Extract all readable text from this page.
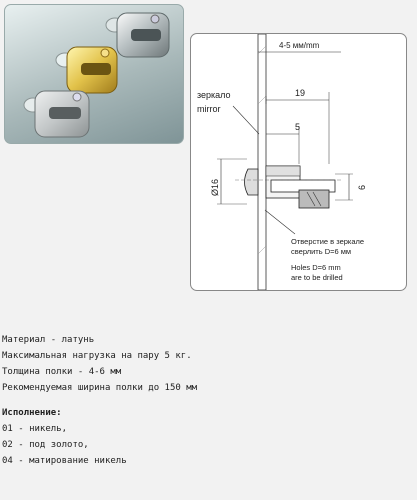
4-5 мм/mm
зеркало
mirror
19
5
Ø16	6
Отверстие в зеркале
сверлить D=6 мм
Holes D=6 mm
are to be drilled
Материал - латунь
Максимальная нагрузка на пару 5 кг.
Толщина полки - 4-6 мм
Рекомендуемая ширина полки до 150 мм
Исполнение:
01 - никель,
02 - под золото,
04 - матирование никель
